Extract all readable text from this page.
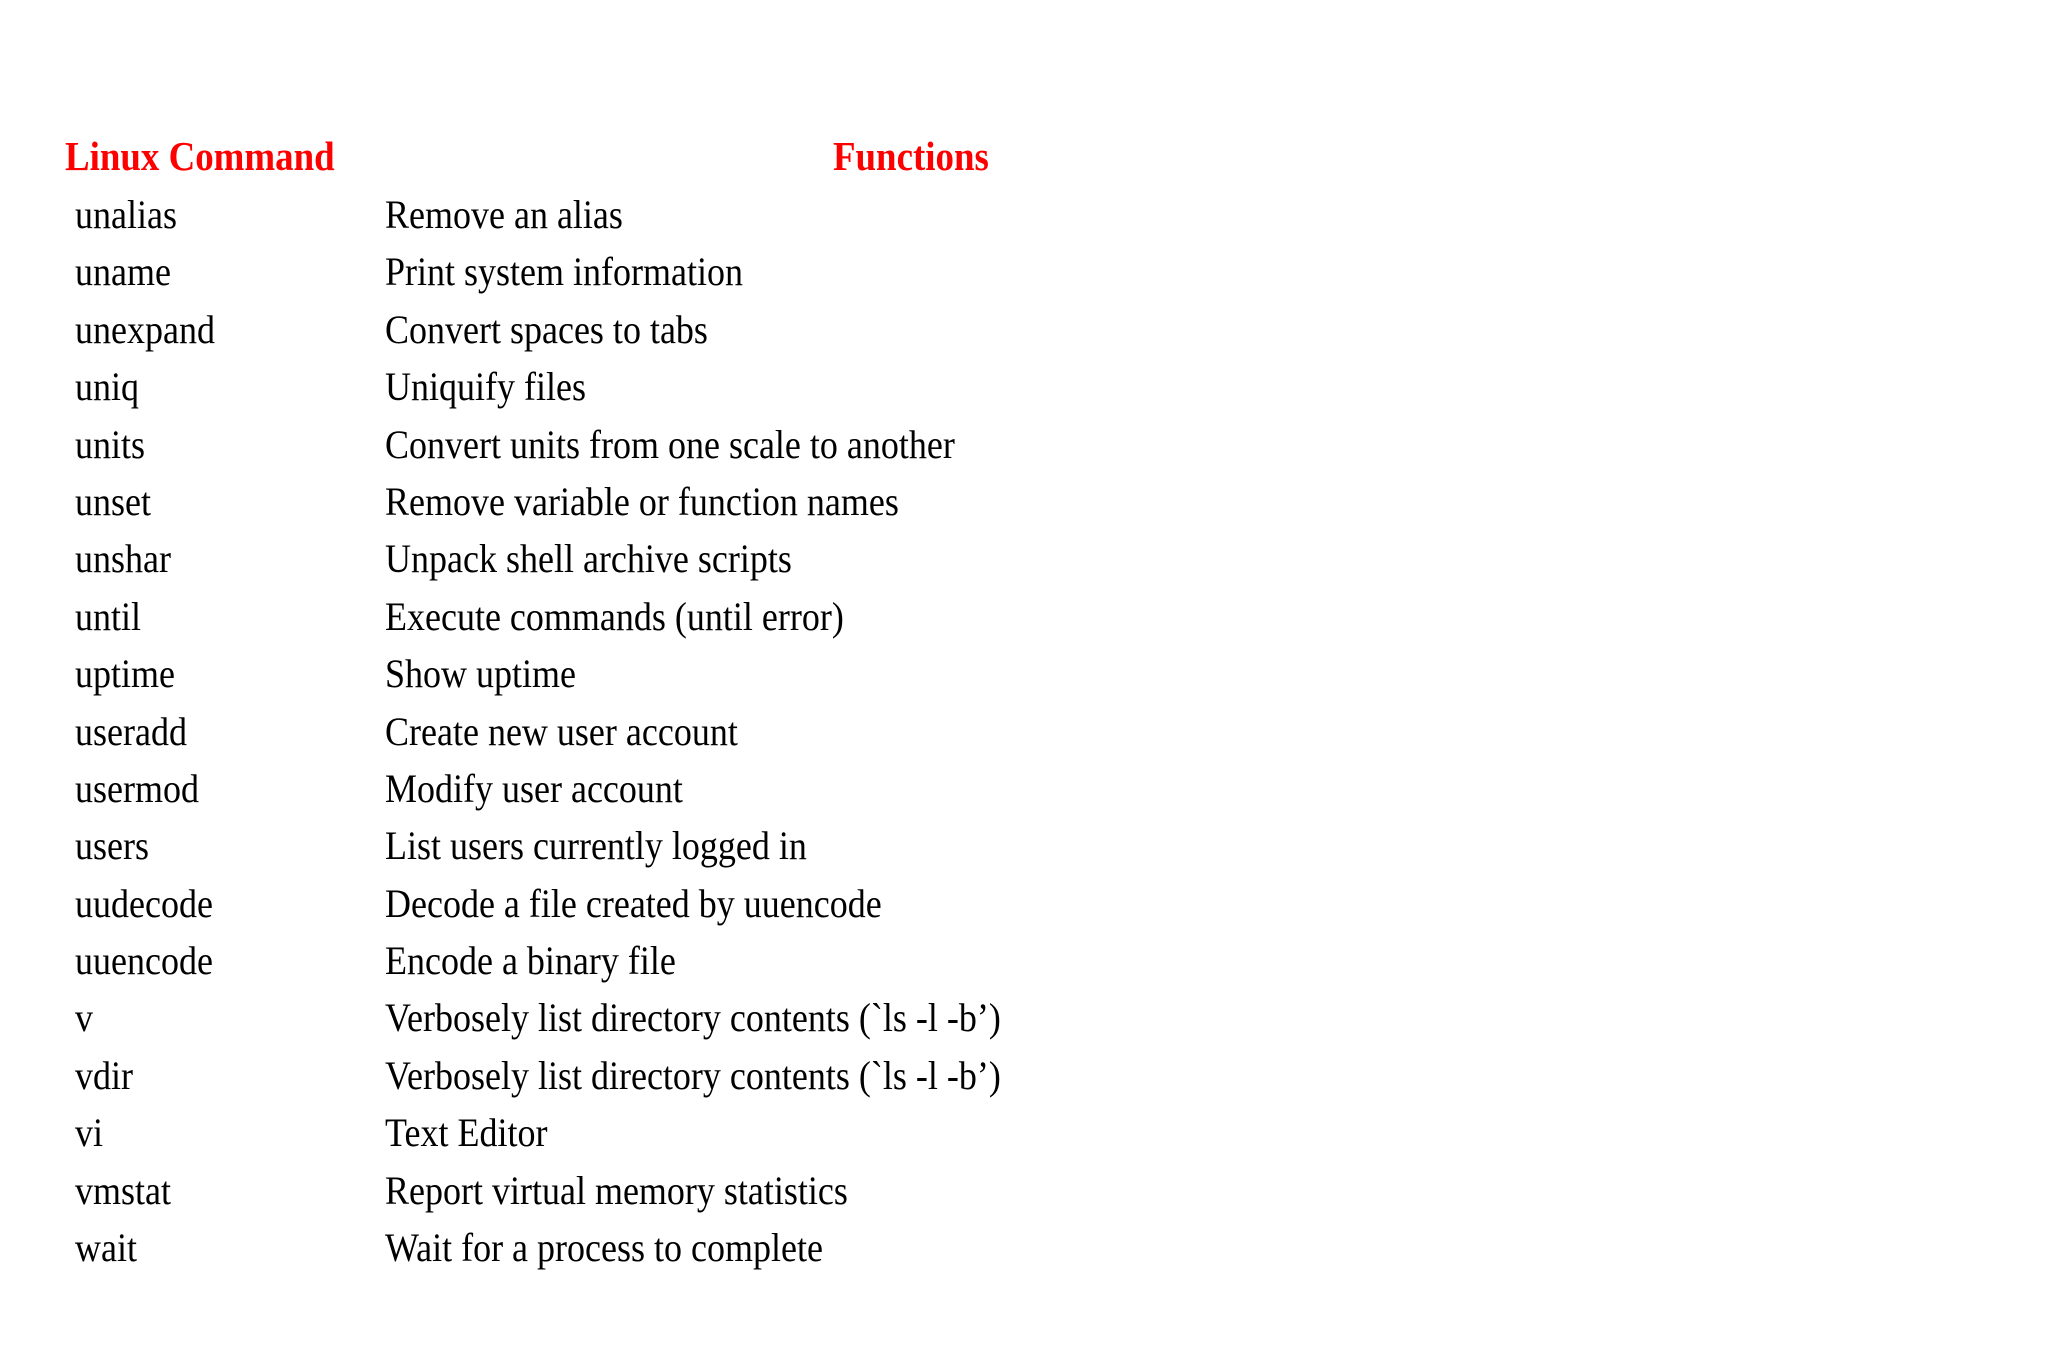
Linux Command	Functions
unalias	Remove an alias
uname	Print system information
unexpand	Convert spaces to tabs
uniq	Uniquify files
units	Convert units from one scale to another
unset	Remove variable or function names
unshar	Unpack shell archive scripts
until	Execute commands (until error)
uptime	Show uptime
useradd	Create new user account
usermod	Modify user account
users	List users currently logged in
uudecode	Decode a file created by uuencode
uuencode	Encode a binary file
v	Verbosely list directory contents (`ls -l -b’)
vdir	Verbosely list directory contents (`ls -l -b’)
vi	Text Editor
vmstat	Report virtual memory statistics
wait	Wait for a process to complete
